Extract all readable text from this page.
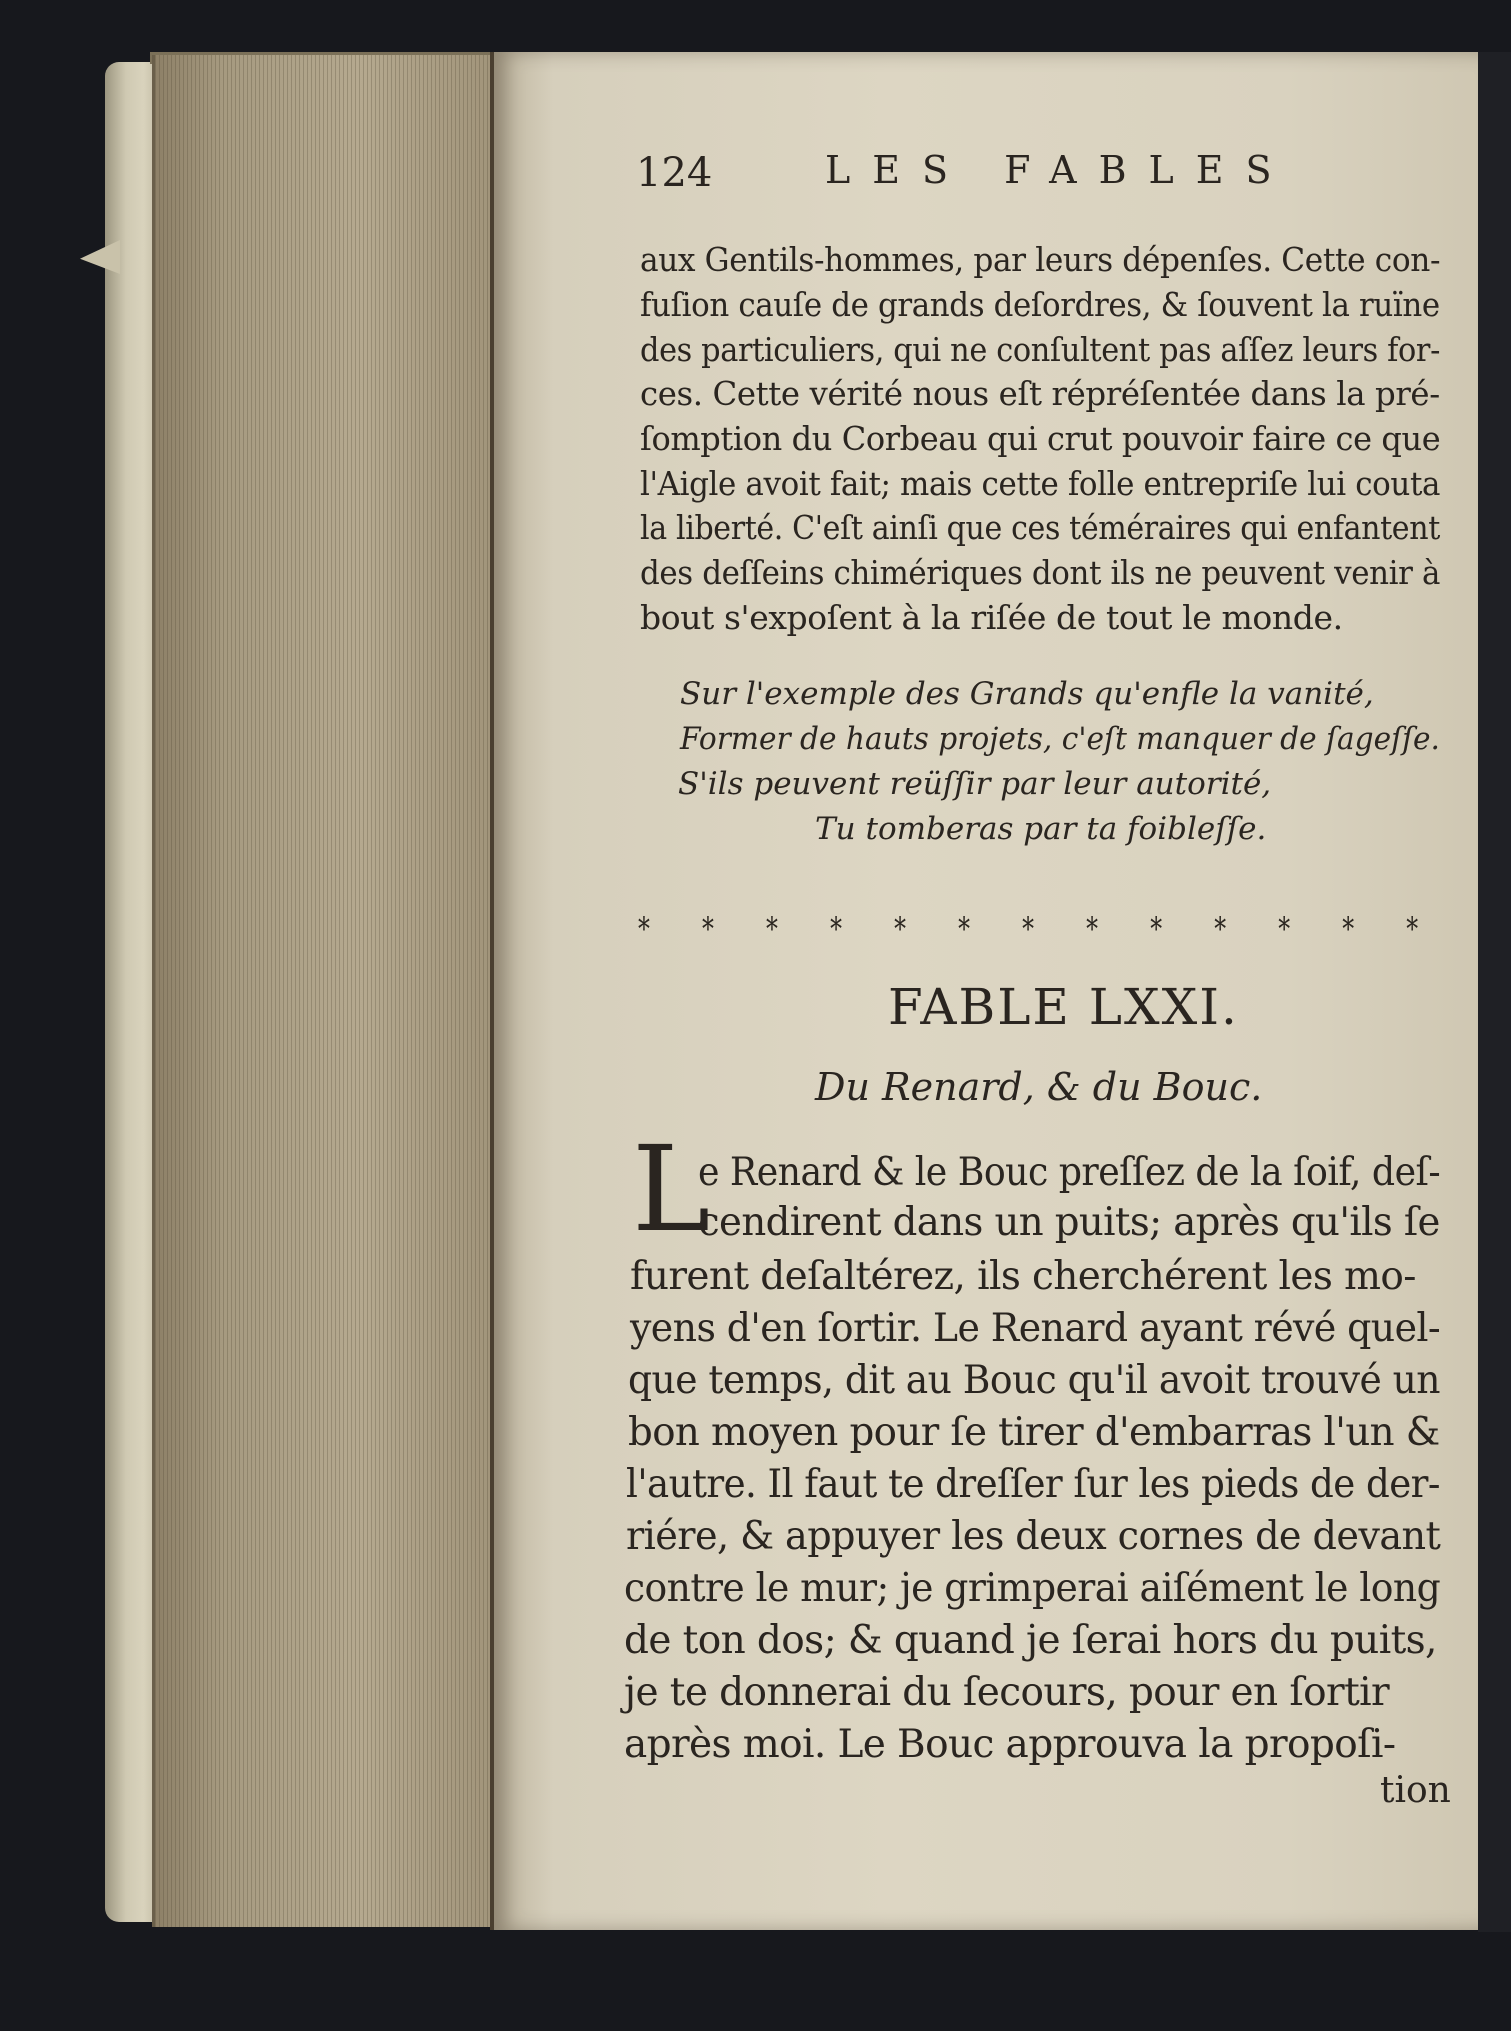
124	LES FABLES
aux Gentils-hommes, par leurs dépenſes. Cette con-
fuſion cauſe de grands deſordres, & ſouvent la ruïne
des particuliers, qui ne conſultent pas aſſez leurs for-
ces. Cette vérité nous eſt répréſentée dans la pré-
ſomption du Corbeau qui crut pouvoir faire ce que
l'Aigle avoit fait; mais cette folle entrepriſe lui couta
la liberté. C'eſt ainſi que ces téméraires qui enfantent
des deſſeins chimériques dont ils ne peuvent venir à
bout s'expoſent à la riſée de tout le monde.
Sur l'exemple des Grands qu'enfle la vanité,
Former de hauts projets, c'eſt manquer de ſageſſe.
S'ils peuvent reüſſir par leur autorité,
Tu tomberas par ta foibleſſe.
* * * * * * * * * * * * *
FABLE LXXI.
Du Renard, & du Bouc.
L
e Renard & le Bouc preſſez de la ſoif, deſ-
cendirent dans un puits; après qu'ils ſe
furent deſaltérez, ils cherchérent les mo-
yens d'en ſortir. Le Renard ayant révé quel-
que temps, dit au Bouc qu'il avoit trouvé un
bon moyen pour ſe tirer d'embarras l'un &
l'autre. Il faut te dreſſer ſur les pieds de der-
riére, & appuyer les deux cornes de devant
contre le mur; je grimperai aiſément le long
de ton dos; & quand je ſerai hors du puits,
je te donnerai du ſecours, pour en ſortir
après moi. Le Bouc approuva la propoſi-
tion
